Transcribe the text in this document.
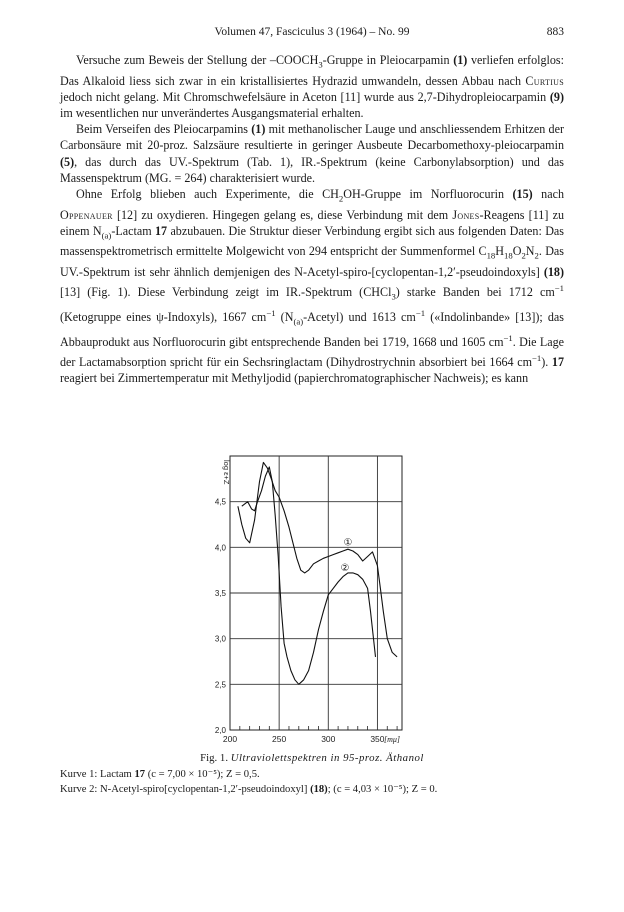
Volumen 47, Fasciculus 3 (1964) – No. 99	883

Versuche zum Beweis der Stellung der $-COOCH_3$-Gruppe in Pleiocarpamin (1) verliefen erfolglos: Das Alkaloid liess sich zwar in ein kristallisiertes Hydrazid umwandeln, dessen Abbau nach Curtius jedoch nicht gelang. Mit Chromschwefelsäure in Aceton [11] wurde aus 2,7-Dihydropleiocarpamin (9) im wesentlichen nur unverändertes Ausgangsmaterial erhalten.

Beim Verseifen des Pleiocarpamins (1) mit methanolischer Lauge und anschliessendem Erhitzen der Carbonsäure mit 20-proz. Salzsäure resultierte in geringer Ausbeute Decarbomethoxy-pleiocarpamin (5), das durch das UV.-Spektrum (Tab. 1), IR.-Spektrum (keine Carbonylabsorption) und das Massenspektrum (MG. = 264) charakterisiert wurde.

Ohne Erfolg blieben auch Experimente, die $CH_2OH$-Gruppe im Norfluorocurin (15) nach Oppenauer [12] zu oxydieren. Hingegen gelang es, diese Verbindung mit dem Jones-Reagens [11] zu einem $N_{(a)}$-Lactam 17 abzubauen. Die Struktur dieser Verbindung ergibt sich aus folgenden Daten: Das massenspektrometrisch ermittelte Molgewicht von 294 entspricht der Summenformel $C_{18}H_{18}O_2N_2$. Das UV.-Spektrum ist sehr ähnlich demjenigen des N-Acetyl-spiro-[cyclopentan-1,2′-pseudoindoxyls] (18) [13] (Fig. 1). Diese Verbindung zeigt im IR.-Spektrum (CHCl$_3$) starke Banden bei 1712 $cm^{-1}$ (Ketogruppe eines ψ-Indoxyls), 1667 $cm^{-1}$ $(N_{(a)}-Acetyl)$ und 1613 $cm^{-1}$ («Indolinbande» [13]); das Abbauprodukt aus Norfluorocurin gibt entsprechende Banden bei 1719, 1668 und 1605 $cm^{-1}$. Die Lage der Lactamabsorption spricht für ein Sechsringlactam (Dihydrostrychnin absorbiert bei 1664 $cm^{-1}$). 17 reagiert bei Zimmertemperatur mit Methyljodid (papierchromatographischer Nachweis); es kann

200	250	300	350
2,0
2,5
3,0
3,5
4,0
4,5
log ε+Z
[mμ]
①
②
Fig. 1. Ultraviolettspektren in 95-proz. Äthanol
Kurve 1: Lactam 17 (c = 7,00 × 10⁻⁵); Z = 0,5.
Kurve 2: N-Acetyl-spiro[cyclopentan-1,2′-pseudoindoxyl] (18); (c = 4,03 × 10⁻⁵); Z = 0.
